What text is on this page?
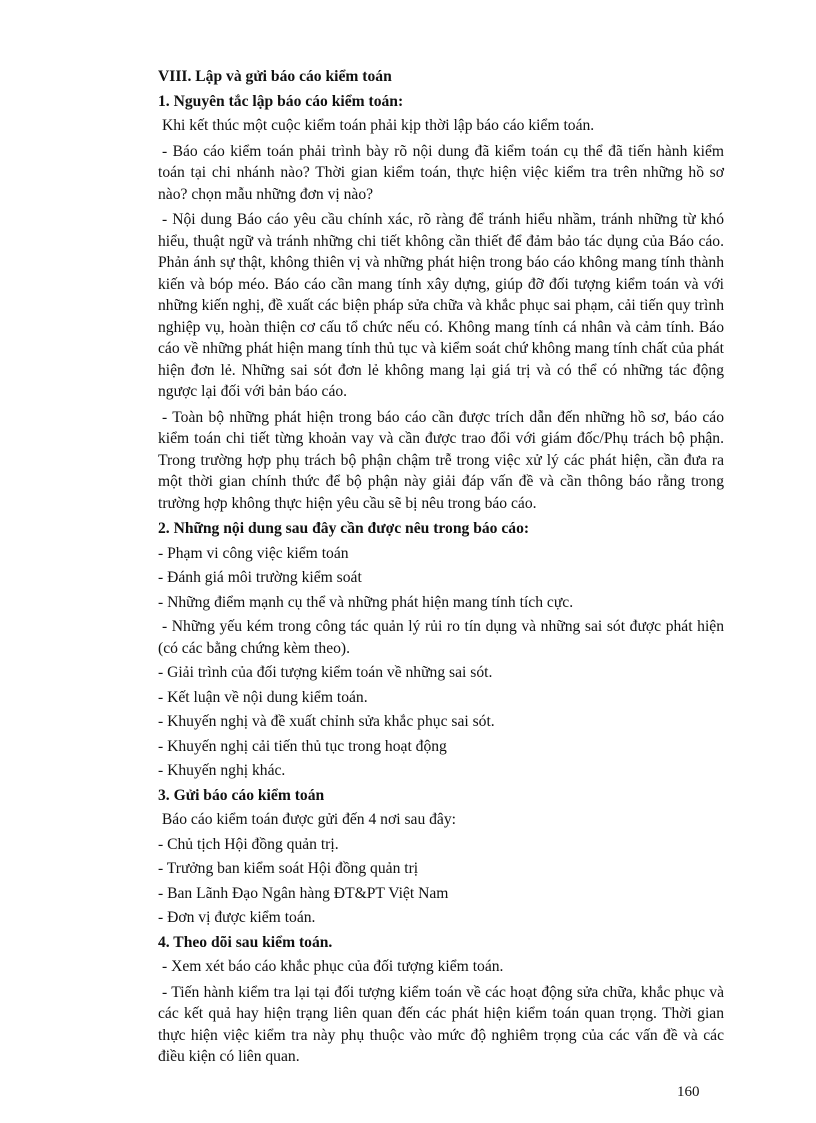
VIII. Lập và gửi báo cáo kiểm toán

1. Nguyên tắc lập báo cáo kiểm toán:

Khi kết thúc một cuộc kiểm toán phải kịp thời lập báo cáo kiểm toán.

- Báo cáo kiểm toán phải trình bày rõ nội dung đã kiểm toán cụ thể đã tiến hành kiểm toán tại chi nhánh nào? Thời gian kiểm toán, thực hiện việc kiểm tra trên những hồ sơ nào? chọn mẫu những đơn vị nào?

- Nội dung Báo cáo yêu cầu chính xác, rõ ràng để tránh hiểu nhầm, tránh những từ khó hiểu, thuật ngữ và tránh những chi tiết không cần thiết để đảm bảo tác dụng của Báo cáo. Phản ánh sự thật, không thiên vị và những phát hiện trong báo cáo không mang tính thành kiến và bóp méo. Báo cáo cần mang tính xây dựng, giúp đỡ đối tượng kiểm toán và với những kiến nghị, đề xuất các biện pháp sửa chữa và khắc phục sai phạm, cải tiến quy trình nghiệp vụ, hoàn thiện cơ cấu tổ chức nếu có. Không mang tính cá nhân và cảm tính. Báo cáo về những phát hiện mang tính thủ tục và kiểm soát chứ không mang tính chất của phát hiện đơn lẻ. Những sai sót đơn lẻ không mang lại giá trị và có thể có những tác động ngược lại đối với bản báo cáo.

- Toàn bộ những phát hiện trong báo cáo cần được trích dẫn đến những hồ sơ, báo cáo kiểm toán chi tiết từng khoản vay và cần được trao đổi với giám đốc/Phụ trách bộ phận. Trong trường hợp phụ trách bộ phận chậm trễ trong việc xử lý các phát hiện, cần đưa ra một thời gian chính thức để bộ phận này giải đáp vấn đề và cần thông báo rằng trong trường hợp không thực hiện yêu cầu sẽ bị nêu trong báo cáo.

2. Những nội dung sau đây cần được nêu trong báo cáo:

- Phạm vi công việc kiểm toán

- Đánh giá môi trường kiểm soát

- Những điểm mạnh cụ thể và những phát hiện mang tính tích cực.

- Những yếu kém trong công tác quản lý rủi ro tín dụng và những sai sót được phát hiện (có các bằng chứng kèm theo).

- Giải trình của đối tượng kiểm toán về những sai sót.

- Kết luận về nội dung kiểm toán.

- Khuyến nghị và đề xuất chỉnh sửa khắc phục sai sót.

- Khuyến nghị cải tiến thủ tục trong hoạt động

- Khuyến nghị khác.

3. Gửi báo cáo kiểm toán

Báo cáo kiểm toán được gửi đến 4 nơi sau đây:

- Chủ tịch Hội đồng quản trị.

- Trưởng ban kiểm soát Hội đồng quản trị

- Ban Lãnh Đạo Ngân hàng ĐT&PT Việt Nam

- Đơn vị được kiểm toán.

4. Theo dõi sau kiểm toán.

- Xem xét báo cáo khắc phục của đối tượng kiểm toán.

- Tiến hành kiểm tra lại tại đối tượng kiểm toán về các hoạt động sửa chữa, khắc phục và các kết quả hay hiện trạng liên quan đến các phát hiện kiểm toán quan trọng. Thời gian thực hiện việc kiểm tra này phụ thuộc vào mức độ nghiêm trọng của các vấn đề và các điều kiện có liên quan.

160
